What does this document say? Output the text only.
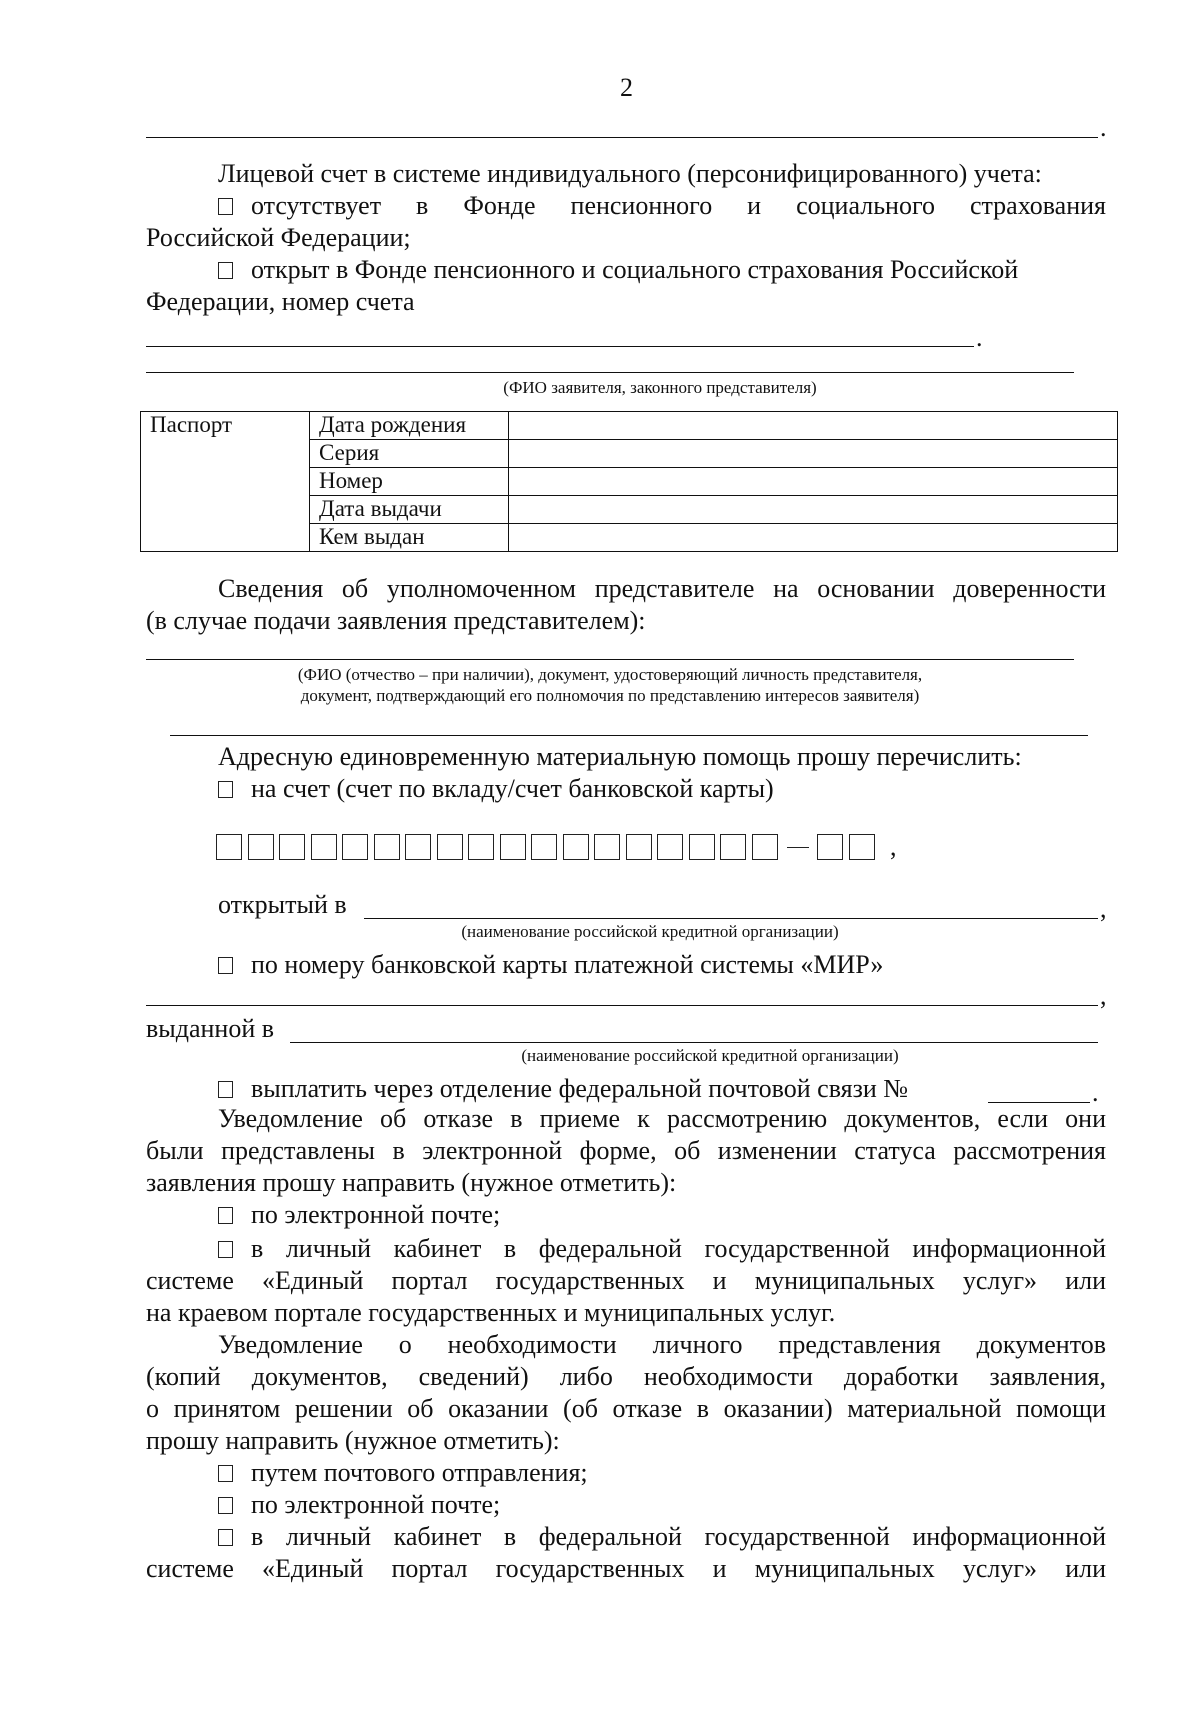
2
.
Лицевой счет в системе индивидуального (персонифицированного) учета:
отсутствует в Фонде пенсионного и социального страхования
Российской Федерации;
открыт в Фонде пенсионного и социального страхования Российской
Федерации, номер счета
.
(ФИО заявителя, законного представителя)
Паспорт	Дата рождения	
	Серия	
	Номер	
	Дата выдачи	
	Кем выдан	
Сведения об уполномоченном представителе на основании доверенности
(в случае подачи заявления представителем):
(ФИО (отчество – при наличии), документ, удостоверяющий личность представителя,
документ, подтверждающий его полномочия по представлению интересов заявителя)
Адресную единовременную материальную помощь прошу перечислить:
на счет (счет по вкладу/счет банковской карты)
,
открытый в	,
(наименование российской кредитной организации)
по номеру банковской карты платежной системы «МИР»
,
выданной в
(наименование российской кредитной организации)
выплатить через отделение федеральной почтовой связи №	.
Уведомление об отказе в приеме к рассмотрению документов, если они
были представлены в электронной форме, об изменении статуса рассмотрения
заявления прошу направить (нужное отметить):
по электронной почте;
в личный кабинет в федеральной государственной информационной
системе «Единый портал государственных и муниципальных услуг» или
на краевом портале государственных и муниципальных услуг.
Уведомление о необходимости личного представления документов
(копий документов, сведений) либо необходимости доработки заявления,
о принятом решении об оказании (об отказе в оказании) материальной помощи
прошу направить (нужное отметить):
путем почтового отправления;
по электронной почте;
в личный кабинет в федеральной государственной информационной
системе «Единый портал государственных и муниципальных услуг» или
